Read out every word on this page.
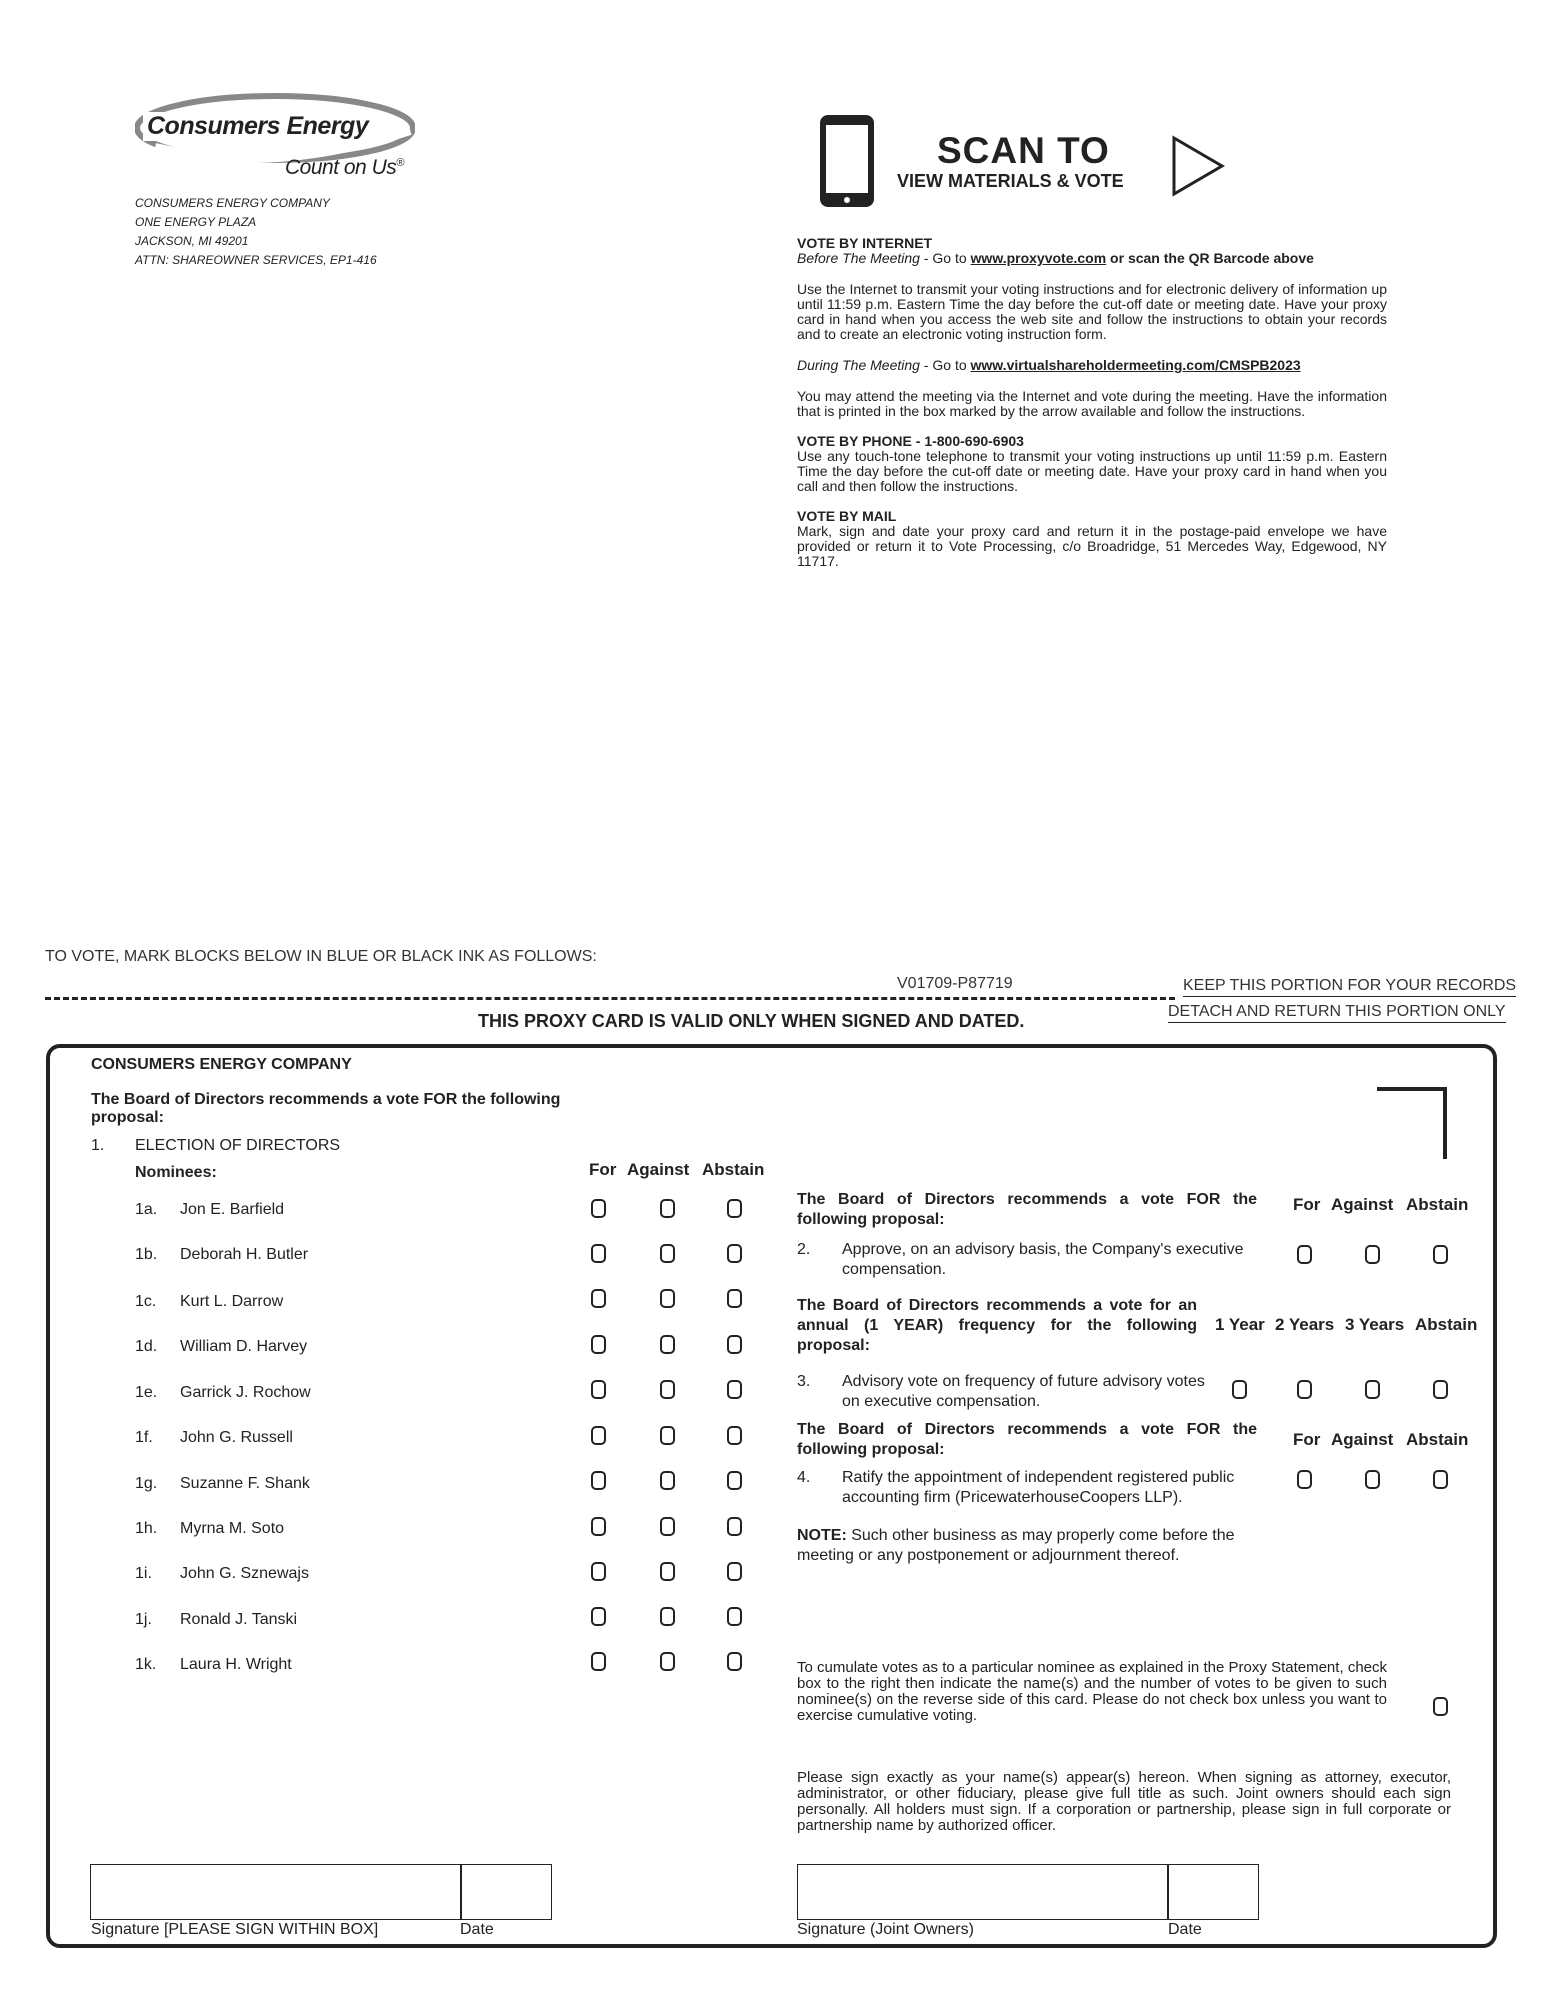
Consumers Energy
Count on Us®
CONSUMERS ENERGY COMPANY
ONE ENERGY PLAZA
JACKSON, MI 49201
ATTN: SHAREOWNER SERVICES, EP1-416
SCAN TO
VIEW MATERIALS & VOTE
VOTE BY INTERNET
Before The Meeting - Go to www.proxyvote.com or scan the QR Barcode above
Use the Internet to transmit your voting instructions and for electronic delivery of information up until 11:59 p.m. Eastern Time the day before the cut-off date or meeting date. Have your proxy card in hand when you access the web site and follow the instructions to obtain your records and to create an electronic voting instruction form.
During The Meeting - Go to www.virtualshareholdermeeting.com/CMSPB2023
You may attend the meeting via the Internet and vote during the meeting. Have the information that is printed in the box marked by the arrow available and follow the instructions.
VOTE BY PHONE - 1-800-690-6903
Use any touch-tone telephone to transmit your voting instructions up until 11:59 p.m. Eastern Time the day before the cut-off date or meeting date. Have your proxy card in hand when you call and then follow the instructions.
VOTE BY MAIL
Mark, sign and date your proxy card and return it in the postage-paid envelope we have provided or return it to Vote Processing, c/o Broadridge, 51 Mercedes Way, Edgewood, NY 11717.
TO VOTE, MARK BLOCKS BELOW IN BLUE OR BLACK INK AS FOLLOWS:
V01709-P87719	KEEP THIS PORTION FOR YOUR RECORDS
DETACH AND RETURN THIS PORTION ONLY
THIS PROXY CARD IS VALID ONLY WHEN SIGNED AND DATED.
CONSUMERS ENERGY COMPANY
The Board of Directors recommends a vote FOR the following proposal:
1. ELECTION OF DIRECTORS
Nominees:	For Against Abstain
1a. Jon E. Barfield
1b. Deborah H. Butler
1c. Kurt L. Darrow
1d. William D. Harvey
1e. Garrick J. Rochow
1f. John G. Russell
1g. Suzanne F. Shank
1h. Myrna M. Soto
1i. John G. Sznewajs
1j. Ronald J. Tanski
1k. Laura H. Wright
The Board of Directors recommends a vote FOR the following proposal:
For Against Abstain
2. Approve, on an advisory basis, the Company's executive compensation.
The Board of Directors recommends a vote for an annual (1 YEAR) frequency for the following proposal:
1 Year 2 Years 3 Years Abstain
3. Advisory vote on frequency of future advisory votes on executive compensation.
The Board of Directors recommends a vote FOR the following proposal:
For Against Abstain
4. Ratify the appointment of independent registered public accounting firm (PricewaterhouseCoopers LLP).
NOTE: Such other business as may properly come before the meeting or any postponement or adjournment thereof.
To cumulate votes as to a particular nominee as explained in the Proxy Statement, check box to the right then indicate the name(s) and the number of votes to be given to such nominee(s) on the reverse side of this card. Please do not check box unless you want to exercise cumulative voting.
Please sign exactly as your name(s) appear(s) hereon. When signing as attorney, executor, administrator, or other fiduciary, please give full title as such. Joint owners should each sign personally. All holders must sign. If a corporation or partnership, please sign in full corporate or partnership name by authorized officer.
Signature [PLEASE SIGN WITHIN BOX]	Date	Signature (Joint Owners)	Date
